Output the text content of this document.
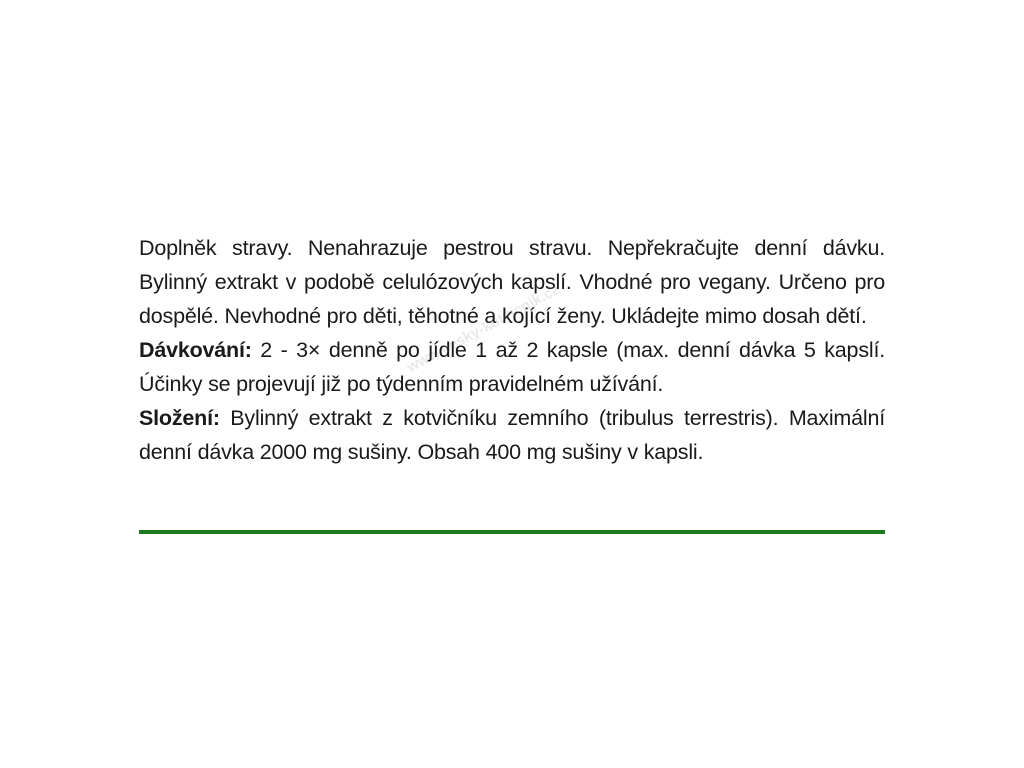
Doplněk stravy. Nenahrazuje pestrou stravu. Nepřekračujte denní dávku. Bylinný extrakt v podobě celulózových kapslí. Vhodné pro vegany. Určeno pro dospělé. Nevhodné pro děti, těhotné a kojící ženy. Ukládejte mimo dosah dětí.

Dávkování: 2 - 3× denně po jídle 1 až 2 kapsle (max. denní dávka 5 kapslí. Účinky se projevují již po týdenním pravidelném užívání.

Složení: Bylinný extrakt z kotvičníku zemního (tribulus terrestris). Maximální denní dávka 2000 mg sušiny. Obsah 400 mg sušiny v kapsli.

www.cesky-kotvicnik.cz
